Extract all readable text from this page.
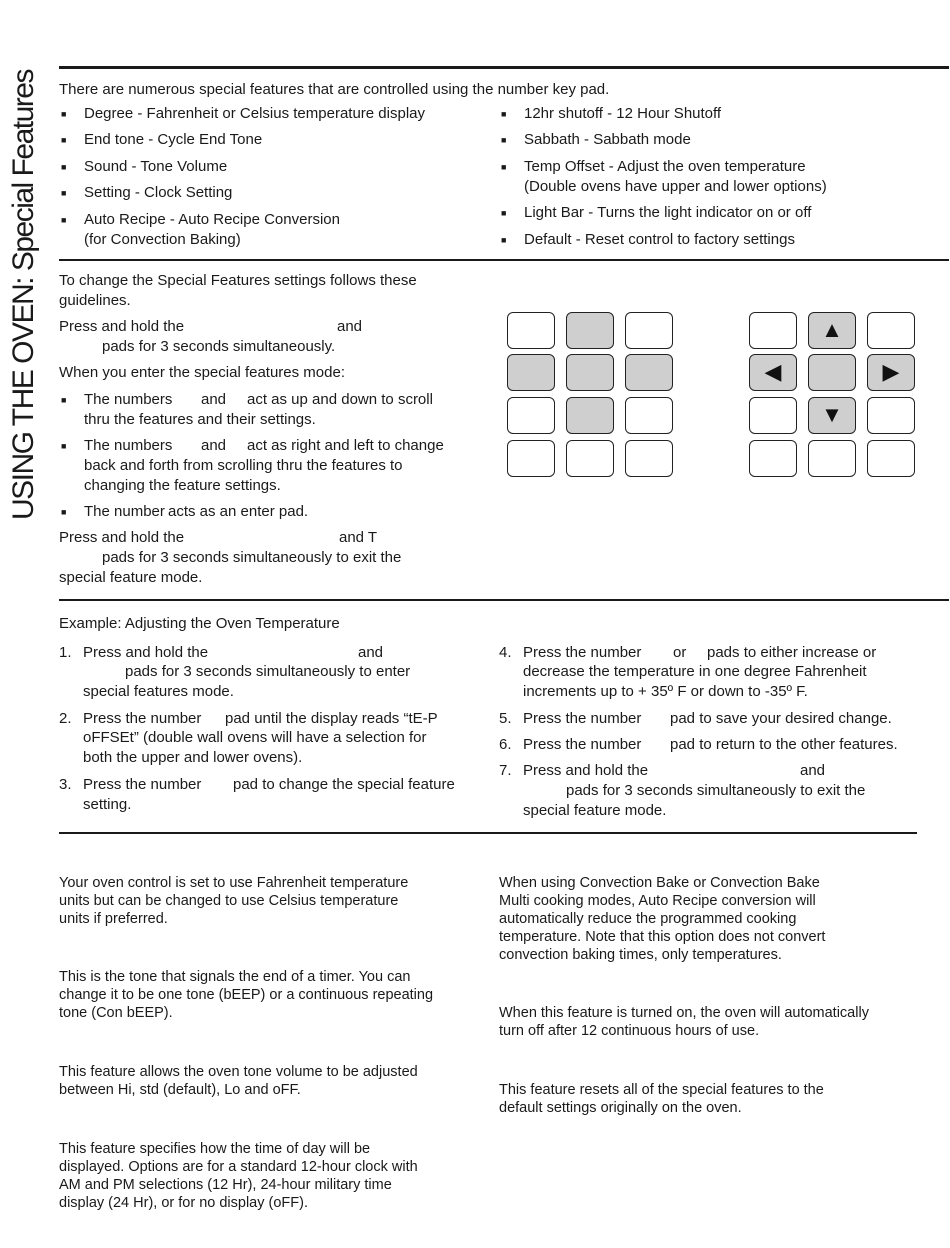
USING THE OVEN: Special Features There are numerous special features that are controlled using the number key pad.
■ Degree - Fahrenheit or Celsius temperature display
■ End tone - Cycle End Tone
■ Sound - Tone Volume
■ Setting - Clock Setting
■ Auto Recipe - Auto Recipe Conversion
(for Convection Baking)
■ 12hr shutoff - 12 Hour Shutoff
■ Sabbath - Sabbath mode
■ Temp Offset - Adjust the oven temperature
(Double ovens have upper and lower options)
■ Light Bar - Turns the light indicator on or off
■ Default - Reset control to factory settings
To change the Special Features settings follows these
guidelines.
Press and hold the	and
pads for 3 seconds simultaneously.
When you enter the special features mode:
■ The numbers and act as up and down to scroll
thru the features and their settings.
■ The numbers and act as right and left to change
back and forth from scrolling thru the features to
changing the feature settings.
■ The number acts as an enter pad.
Press and hold the	and T
pads for 3 seconds simultaneously to exit the
special feature mode.
▲
◀	▶
▼
Example: Adjusting the Oven Temperature
1. Press and hold the	and
pads for 3 seconds simultaneously to enter
special features mode.
2. Press the number pad until the display reads “tE-P
oFFSEt” (double wall ovens will have a selection for
both the upper and lower ovens).
3. Press the number pad to change the special feature
setting.
4. Press the number or pads to either increase or
decrease the temperature in one degree Fahrenheit
increments up to + 35º F or down to -35º F.
5. Press the number pad to save your desired change.
6. Press the number pad to return to the other features.
7. Press and hold the	and
pads for 3 seconds simultaneously to exit the
special feature mode.
Your oven control is set to use Fahrenheit temperature
units but can be changed to use Celsius temperature
units if preferred.
This is the tone that signals the end of a timer. You can
change it to be one tone (bEEP) or a continuous repeating
tone (Con bEEP).
This feature allows the oven tone volume to be adjusted
between Hi, std (default), Lo and oFF.
This feature specifies how the time of day will be
displayed. Options are for a standard 12-hour clock with
AM and PM selections (12 Hr), 24-hour military time
display (24 Hr), or for no display (oFF).
When using Convection Bake or Convection Bake
Multi cooking modes, Auto Recipe conversion will
automatically reduce the programmed cooking
temperature. Note that this option does not convert
convection baking times, only temperatures.
When this feature is turned on, the oven will automatically
turn off after 12 continuous hours of use.
This feature resets all of the special features to the
default settings originally on the oven.
